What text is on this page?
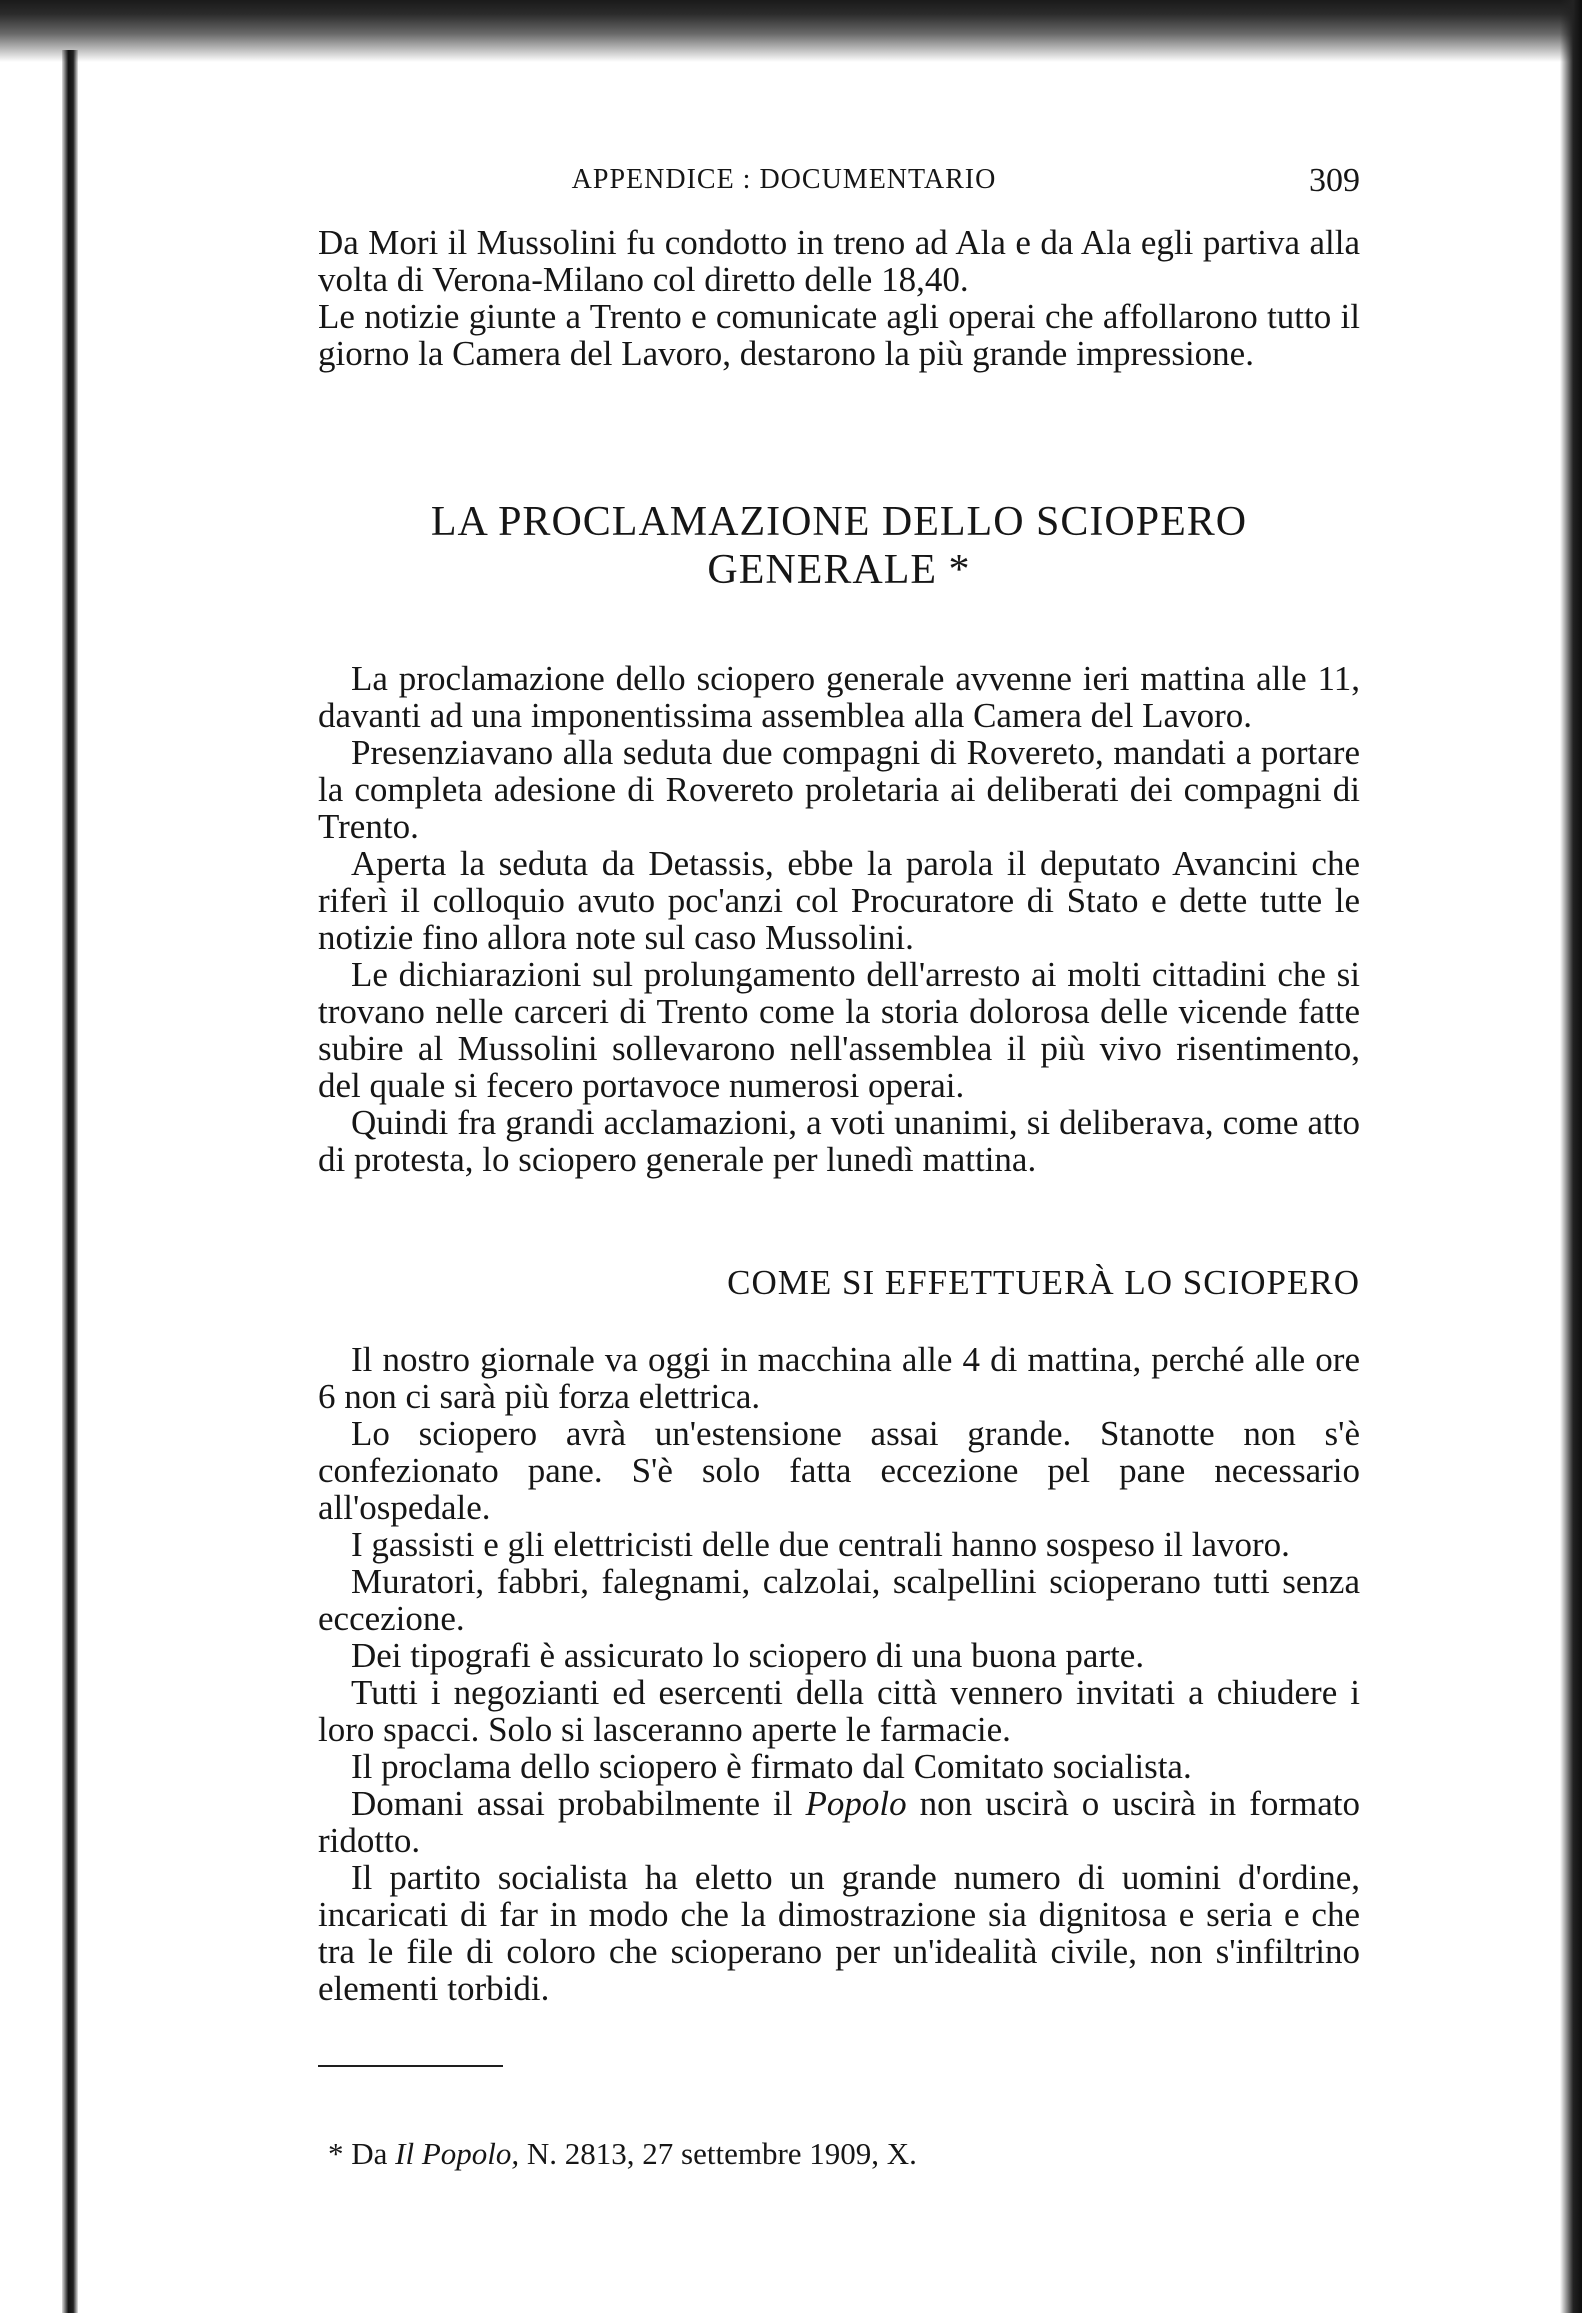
APPENDICE : DOCUMENTARIO	309

Da Mori il Mussolini fu condotto in treno ad Ala e da Ala egli partiva alla volta di Verona-Milano col diretto delle 18,40.

Le notizie giunte a Trento e comunicate agli operai che affollarono tutto il giorno la Camera del Lavoro, destarono la più grande impressione.

LA PROCLAMAZIONE DELLO SCIOPERO GENERALE *

La proclamazione dello sciopero generale avvenne ieri mattina alle 11, davanti ad una imponentissima assemblea alla Camera del Lavoro.

Presenziavano alla seduta due compagni di Rovereto, mandati a portare la completa adesione di Rovereto proletaria ai deliberati dei compagni di Trento.

Aperta la seduta da Detassis, ebbe la parola il deputato Avancini che riferì il colloquio avuto poc'anzi col Procuratore di Stato e dette tutte le notizie fino allora note sul caso Mussolini.

Le dichiarazioni sul prolungamento dell'arresto ai molti cittadini che si trovano nelle carceri di Trento come la storia dolorosa delle vicende fatte subire al Mussolini sollevarono nell'assemblea il più vivo risentimento, del quale si fecero portavoce numerosi operai.

Quindi fra grandi acclamazioni, a voti unanimi, si deliberava, come atto di protesta, lo sciopero generale per lunedì mattina.

COME SI EFFETTUERÀ LO SCIOPERO

Il nostro giornale va oggi in macchina alle 4 di mattina, perché alle ore 6 non ci sarà più forza elettrica.

Lo sciopero avrà un'estensione assai grande. Stanotte non s'è confezionato pane. S'è solo fatta eccezione pel pane necessario all'ospedale.

I gassisti e gli elettricisti delle due centrali hanno sospeso il lavoro.

Muratori, fabbri, falegnami, calzolai, scalpellini scioperano tutti senza eccezione.

Dei tipografi è assicurato lo sciopero di una buona parte.

Tutti i negozianti ed esercenti della città vennero invitati a chiudere i loro spacci. Solo si lasceranno aperte le farmacie.

Il proclama dello sciopero è firmato dal Comitato socialista.

Domani assai probabilmente il Popolo non uscirà o uscirà in formato ridotto.

Il partito socialista ha eletto un grande numero di uomini d'ordine, incaricati di far in modo che la dimostrazione sia dignitosa e seria e che tra le file di coloro che scioperano per un'idealità civile, non s'infiltrino elementi torbidi.

* Da Il Popolo, N. 2813, 27 settembre 1909, X.
